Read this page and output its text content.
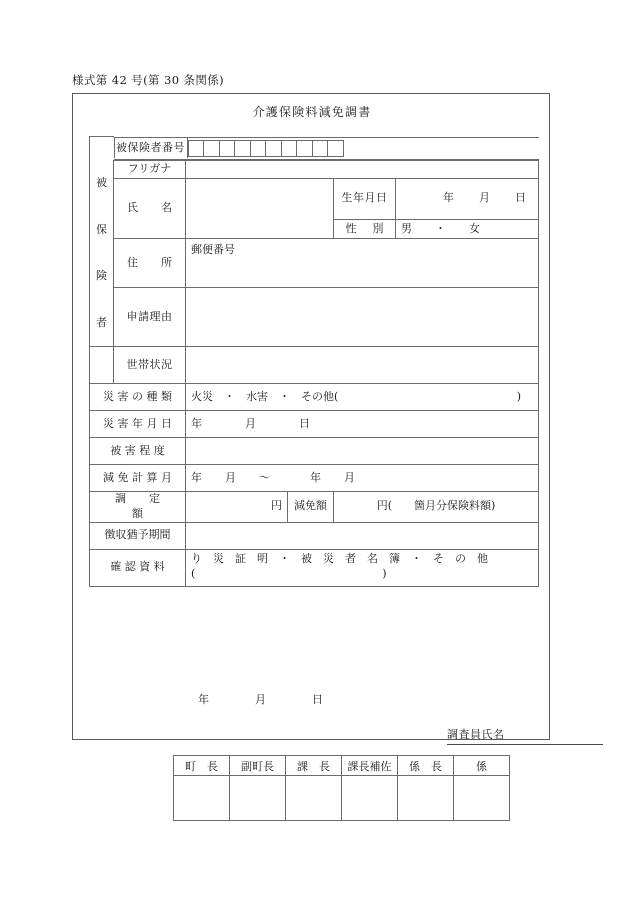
様式第 42 号(第 30 条関係)
介護保険料減免調書

	被保険者番号				

被
保
険
者	フリガナ				
	氏　名			生年月日	年　月　日
				性　別	男　・　女
	住　所	郵便番号			
	申請理由				
	世帯状況				
災 害 の 種 類		火災　・　水害　・　その他( )			

災 害 年 月 日		年　　月　　日			
被 害 程 度					
減 免 計 算 月		年　月　～　　年　月			
調　定　額		円	減免額	円(　　箇月分保険料額)	
徴収猶予期間					
確 認 資 料		り　災　証　明　・　被　災　者　名　簿　・　そ　の　他
(　　　　　　　　　　　　　　　　　)			
年　　月　　日
調査員氏名
町　長	副町長	課　長	課長補佐	係　長	係
